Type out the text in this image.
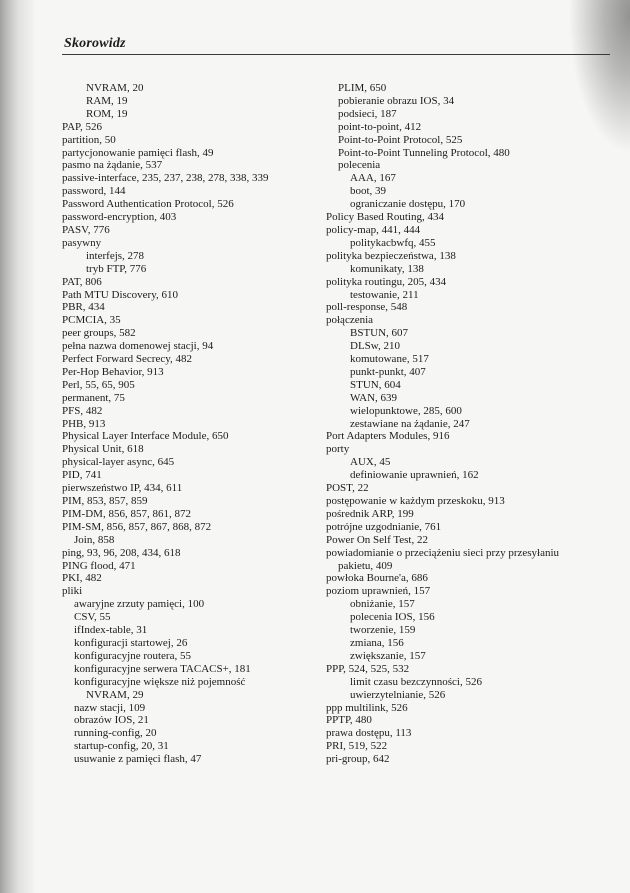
Skorowidz
NVRAM, 20
RAM, 19
ROM, 19
PAP, 526
partition, 50
partycjonowanie pamięci flash, 49
pasmo na żądanie, 537
passive-interface, 235, 237, 238, 278, 338, 339
password, 144
Password Authentication Protocol, 526
password-encryption, 403
PASV, 776
pasywny
interfejs, 278
tryb FTP, 776
PAT, 806
Path MTU Discovery, 610
PBR, 434
PCMCIA, 35
peer groups, 582
pełna nazwa domenowej stacji, 94
Perfect Forward Secrecy, 482
Per-Hop Behavior, 913
Perl, 55, 65, 905
permanent, 75
PFS, 482
PHB, 913
Physical Layer Interface Module, 650
Physical Unit, 618
physical-layer async, 645
PID, 741
pierwszeństwo IP, 434, 611
PIM, 853, 857, 859
PIM-DM, 856, 857, 861, 872
PIM-SM, 856, 857, 867, 868, 872
Join, 858
ping, 93, 96, 208, 434, 618
PING flood, 471
PKI, 482
pliki
awaryjne zrzuty pamięci, 100
CSV, 55
ifIndex-table, 31
konfiguracji startowej, 26
konfiguracyjne routera, 55
konfiguracyjne serwera TACACS+, 181
konfiguracyjne większe niż pojemność
NVRAM, 29
nazw stacji, 109
obrazów IOS, 21
running-config, 20
startup-config, 20, 31
usuwanie z pamięci flash, 47
PLIM, 650
pobieranie obrazu IOS, 34
podsieci, 187
point-to-point, 412
Point-to-Point Protocol, 525
Point-to-Point Tunneling Protocol, 480
polecenia
AAA, 167
boot, 39
ograniczanie dostępu, 170
Policy Based Routing, 434
policy-map, 441, 444
politykacbwfq, 455
polityka bezpieczeństwa, 138
komunikaty, 138
polityka routingu, 205, 434
testowanie, 211
poll-response, 548
połączenia
BSTUN, 607
DLSw, 210
komutowane, 517
punkt-punkt, 407
STUN, 604
WAN, 639
wielopunktowe, 285, 600
zestawiane na żądanie, 247
Port Adapters Modules, 916
porty
AUX, 45
definiowanie uprawnień, 162
POST, 22
postępowanie w każdym przeskoku, 913
pośrednik ARP, 199
potrójne uzgodnianie, 761
Power On Self Test, 22
powiadomianie o przeciążeniu sieci przy przesyłaniu
pakietu, 409
powłoka Bourne'a, 686
poziom uprawnień, 157
obniżanie, 157
polecenia IOS, 156
tworzenie, 159
zmiana, 156
zwiększanie, 157
PPP, 524, 525, 532
limit czasu bezczynności, 526
uwierzytelnianie, 526
ppp multilink, 526
PPTP, 480
prawa dostępu, 113
PRI, 519, 522
pri-group, 642
